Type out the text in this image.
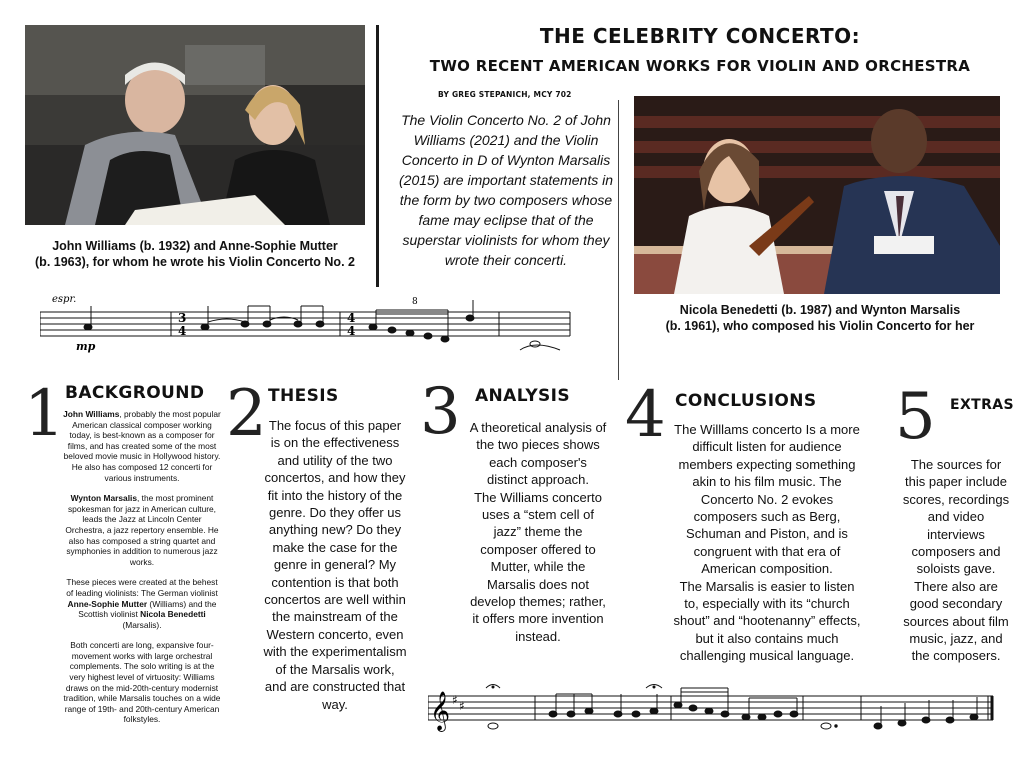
John Williams (b. 1932) and Anne-Sophie Mutter
(b. 1963), for whom he wrote his Violin Concerto No. 2
THE CELEBRITY CONCERTO:
TWO RECENT AMERICAN WORKS FOR VIOLIN AND ORCHESTRA
BY GREG STEPANICH, MCY 702
The Violin Concerto No. 2 of John Williams (2021) and the Violin Concerto in D of Wynton Marsalis (2015) are important statements in the form by two composers whose fame may eclipse that of the superstar violinists for whom they wrote their concerti.
Nicola Benedetti (b. 1987) and Wynton Marsalis
(b. 1961), who composed his Violin Concerto for her
espr.
mp
3
4
4
4
8
1 BACKGROUND

John Williams, probably the most popular American classical composer working today, is best-known as a composer for films, and has created some of the most beloved movie music in Hollywood history. He also has composed 12 concerti for various instruments.

Wynton Marsalis, the most prominent spokesman for jazz in American culture, leads the Jazz at Lincoln Center Orchestra, a jazz repertory ensemble. He also has composed a string quartet and symphonies in addition to numerous jazz works.

These pieces were created at the behest of leading violinists: The German violinist Anne-Sophie Mutter (Williams) and the Scottish violinist Nicola Benedetti (Marsalis).

Both concerti are long, expansive four-movement works with large orchestral complements. The solo writing is at the very highest level of virtuosity: Williams draws on the mid-20th-century modernist tradition, while Marsalis touches on a wide range of 19th- and 20th-century American folkstyles.

2 THESIS
The focus of this paper is on the effectiveness and utility of the two concertos, and how they fit into the history of the genre. Do they offer us anything new? Do they make the case for the genre in general? My contention is that both concertos are well within the mainstream of the Western concerto, even with the experimentalism of the Marsalis work, and are constructed that way.
3 ANALYSIS
A theoretical analysis of the two pieces shows each composer's distinct approach.
The Williams concerto uses a “stem cell of jazz” theme the composer offered to Mutter, while the Marsalis does not develop themes; rather, it offers more invention instead.
4 CONCLUSIONS
The Willlams concerto Is a more difficult listen for audience members expecting something akin to his film music. The Concerto No. 2 evokes composers such as Berg, Schuman and Piston, and is congruent with that era of American composition.
The Marsalis is easier to listen to, especially with its “church shout” and “hootenanny” effects, but it also contains much challenging musical language.
5 EXTRAS
The sources for this paper include scores, recordings and video interviews composers and soloists gave. There also are good secondary sources about film music, jazz, and the composers.
𝄞 ♯ ♯
